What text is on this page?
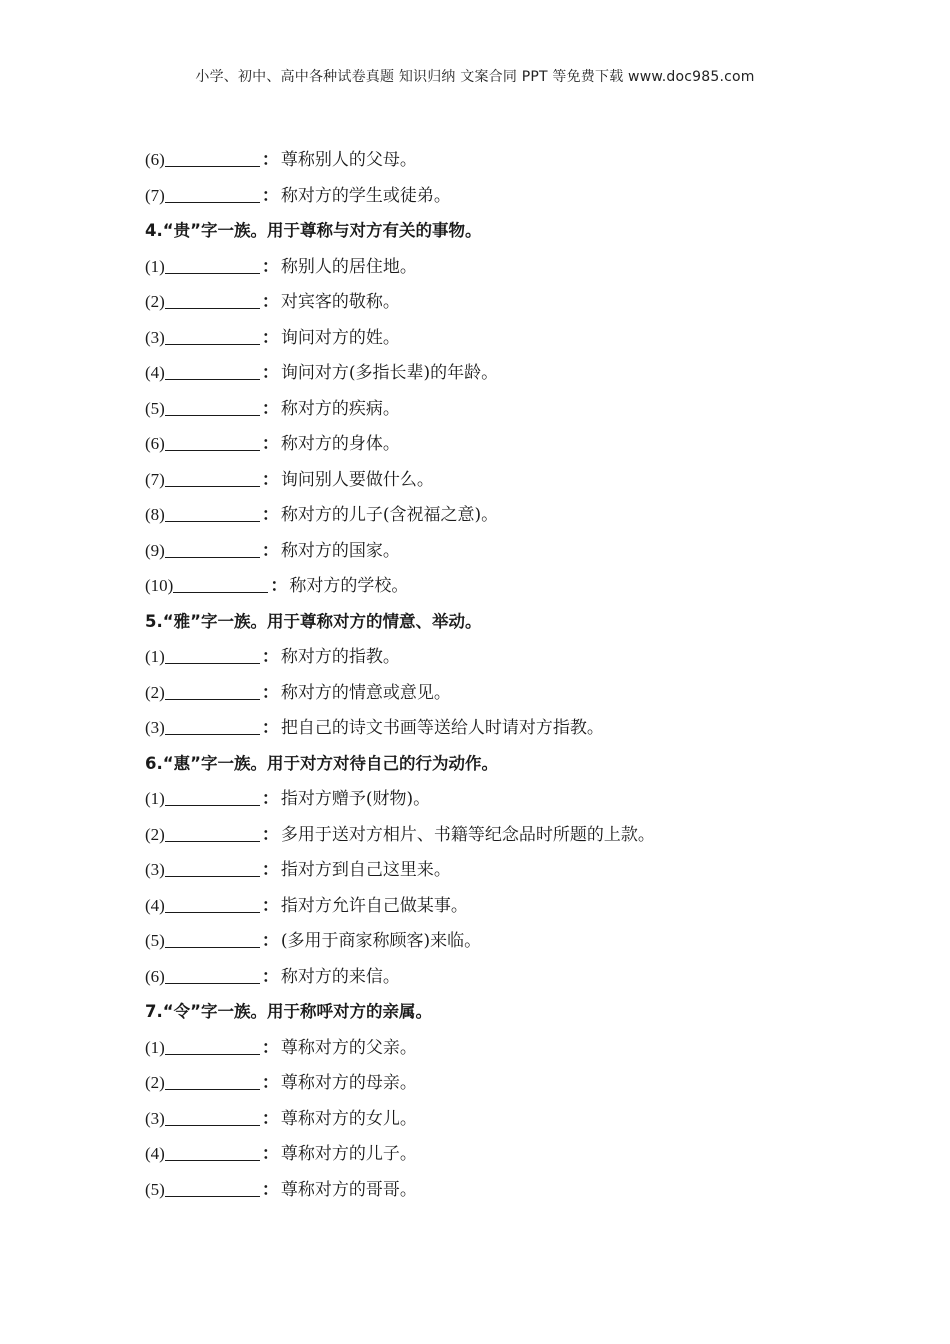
小学、初中、高中各种试卷真题 知识归纳 文案合同 PPT 等免费下载 www.doc985.com
(6)	： 尊称别人的父母。
(7)	： 称对方的学生或徒弟。
4.“贵”字一族。用于尊称与对方有关的事物。
(1)	： 称别人的居住地。
(2)	： 对宾客的敬称。
(3)	： 询问对方的姓。
(4)	： 询问对方(多指长辈)的年龄。
(5)	： 称对方的疾病。
(6)	： 称对方的身体。
(7)	： 询问别人要做什么。
(8)	： 称对方的儿子(含祝福之意)。
(9)	： 称对方的国家。
(10)	： 称对方的学校。
5.“雅”字一族。用于尊称对方的情意、举动。
(1)	： 称对方的指教。
(2)	： 称对方的情意或意见。
(3)	： 把自己的诗文书画等送给人时请对方指教。
6.“惠”字一族。用于对方对待自己的行为动作。
(1)	： 指对方赠予(财物)。
(2)	： 多用于送对方相片、书籍等纪念品时所题的上款。
(3)	： 指对方到自己这里来。
(4)	： 指对方允许自己做某事。
(5)	： (多用于商家称顾客)来临。
(6)	： 称对方的来信。
7.“令”字一族。用于称呼对方的亲属。
(1)	： 尊称对方的父亲。
(2)	： 尊称对方的母亲。
(3)	： 尊称对方的女儿。
(4)	： 尊称对方的儿子。
(5)	： 尊称对方的哥哥。
